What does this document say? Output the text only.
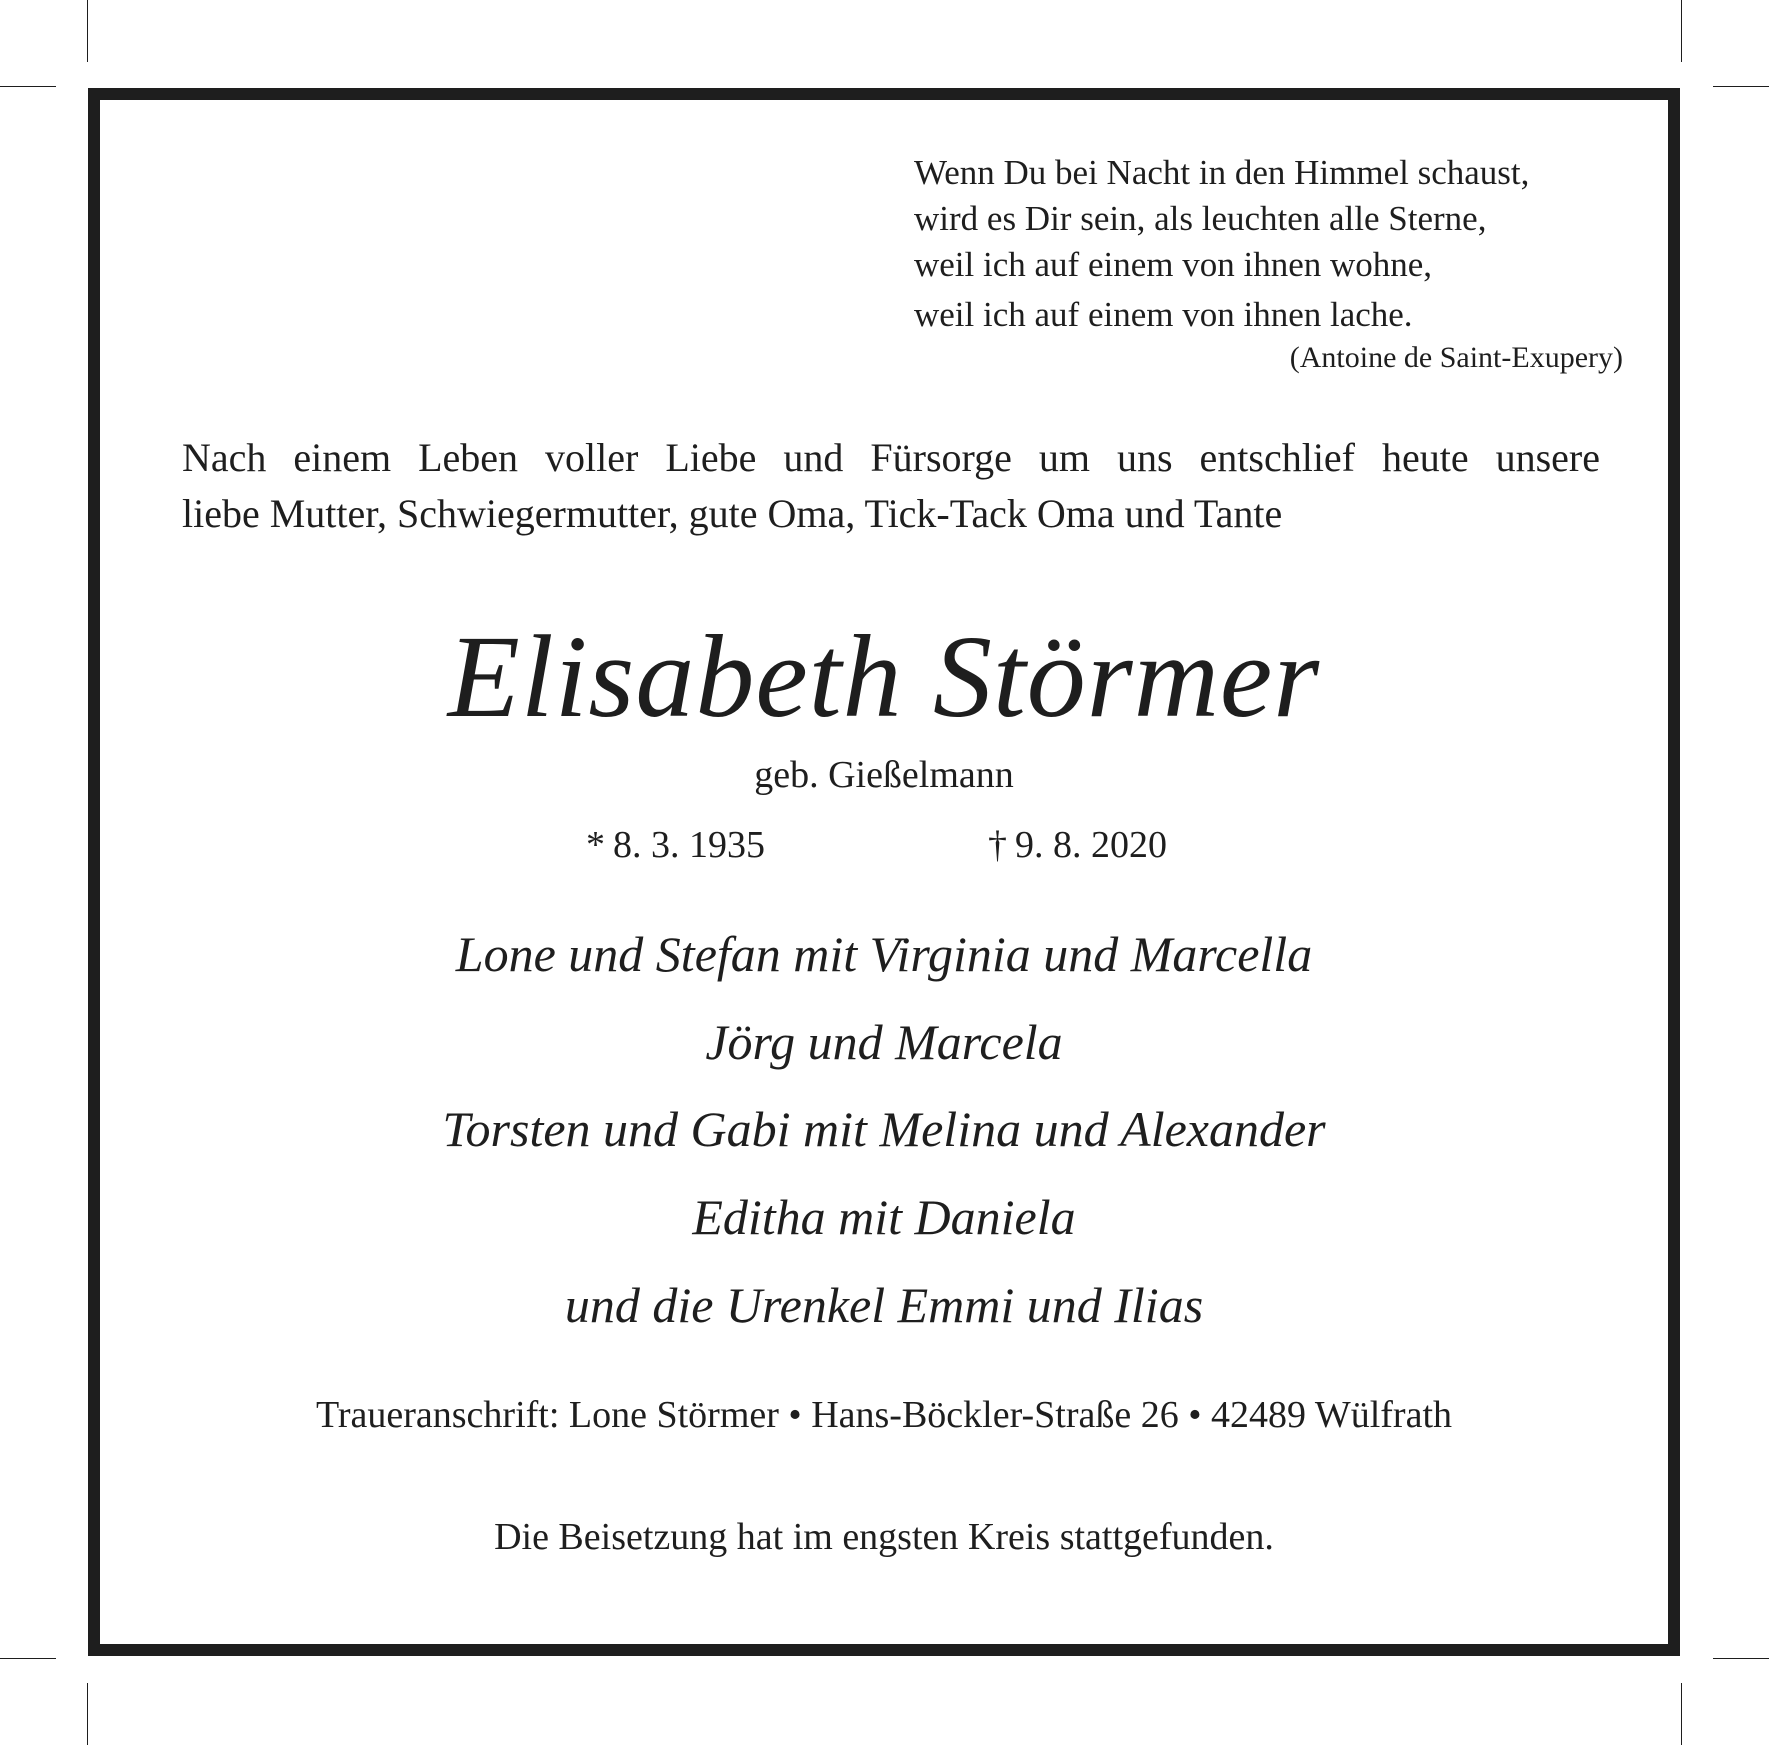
Wenn Du bei Nacht in den Himmel schaust,
wird es Dir sein, als leuchten alle Sterne,
weil ich auf einem von ihnen wohne,
weil ich auf einem von ihnen lache.
(Antoine de Saint-Exupery)
Nach einem Leben voller Liebe und Fürsorge um uns entschlief heute unsere
liebe Mutter, Schwiegermutter, gute Oma, Tick-Tack Oma und Tante
Elisabeth Störmer
geb. Gießelmann
* 8. 3. 1935	† 9. 8. 2020
Lone und Stefan mit Virginia und Marcella
Jörg und Marcela
Torsten und Gabi mit Melina und Alexander
Editha mit Daniela
und die Urenkel Emmi und Ilias
Traueranschrift: Lone Störmer • Hans-Böckler-Straße 26 • 42489 Wülfrath
Die Beisetzung hat im engsten Kreis stattgefunden.
